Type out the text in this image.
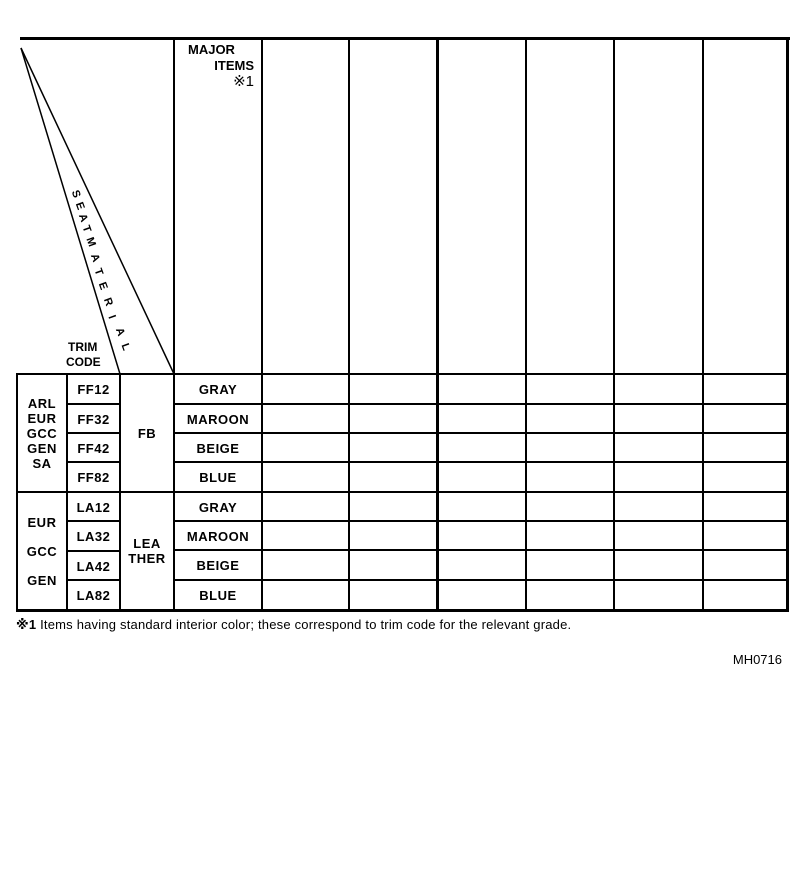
MAJOR
ITEMS
※1
S
E
A
T
M
A
T
E
R
I
A
L
TRIM
CODE
ARL
EUR
GCC
GEN
SA
FF12
FF32
FF42
FF82
FB
GRAY
MAROON
BEIGE
BLUE
EUR
GCC
GEN
LA12
LA32
LA42
LA82
LEA
THER
GRAY
MAROON
BEIGE
BLUE
※1 Items having standard interior color; these correspond to trim code for the relevant grade.
MH0716
